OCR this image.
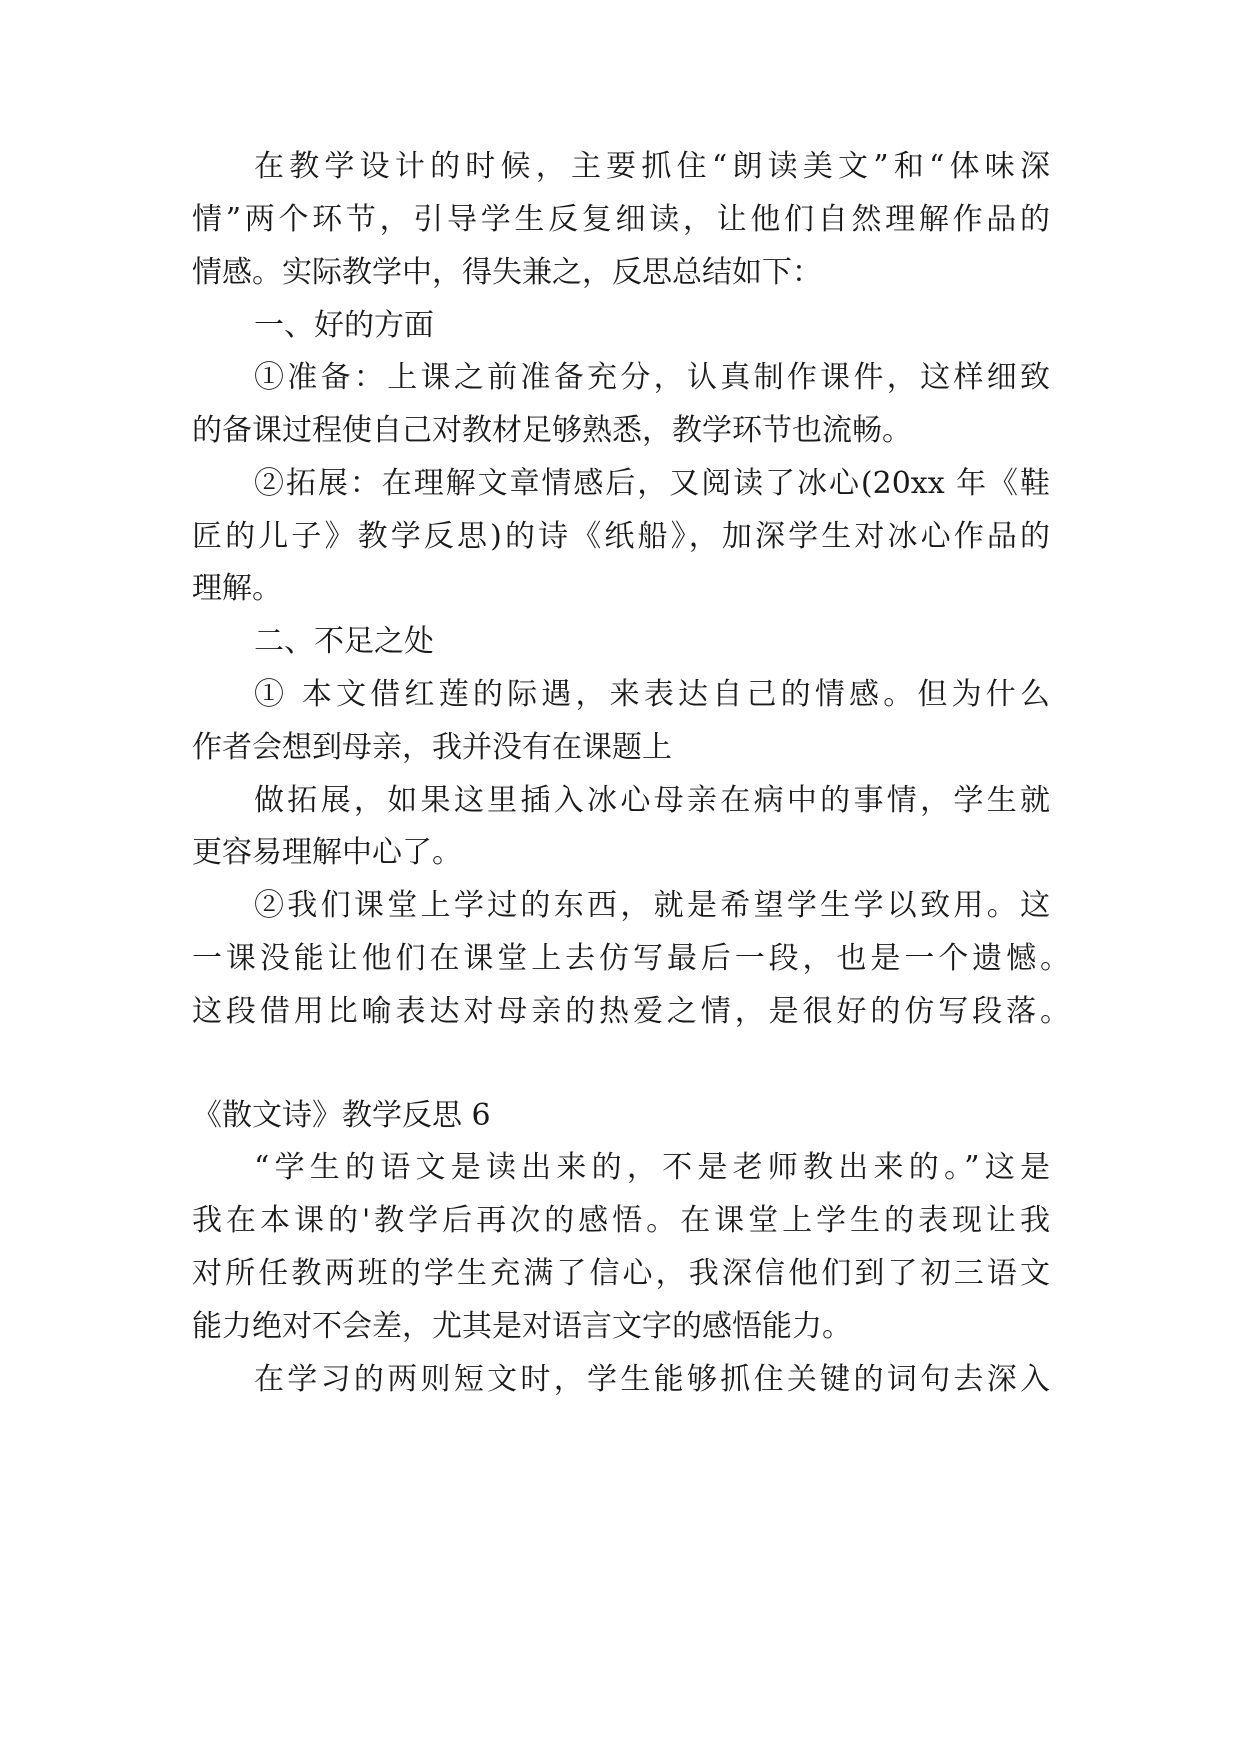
在教学设计的时候，主要抓住“朗读美文”和“体味深
情”两个环节，引导学生反复细读，让他们自然理解作品的
情感。实际教学中，得失兼之，反思总结如下：
一、好的方面
①准备：上课之前准备充分，认真制作课件，这样细致
的备课过程使自己对教材足够熟悉，教学环节也流畅。
②拓展：在理解文章情感后，又阅读了冰心(20xx 年《鞋
匠的儿子》教学反思)的诗《纸船》，加深学生对冰心作品的
理解。
二、不足之处
① 本文借红莲的际遇，来表达自己的情感。但为什么
作者会想到母亲，我并没有在课题上
做拓展，如果这里插入冰心母亲在病中的事情，学生就
更容易理解中心了。
②我们课堂上学过的东西，就是希望学生学以致用。这
一课没能让他们在课堂上去仿写最后一段，也是一个遗憾。
这段借用比喻表达对母亲的热爱之情，是很好的仿写段落。
《散文诗》教学反思 6
“学生的语文是读出来的，不是老师教出来的。”这是
我在本课的'教学后再次的感悟。在课堂上学生的表现让我
对所任教两班的学生充满了信心，我深信他们到了初三语文
能力绝对不会差，尤其是对语言文字的感悟能力。
在学习的两则短文时，学生能够抓住关键的词句去深入
